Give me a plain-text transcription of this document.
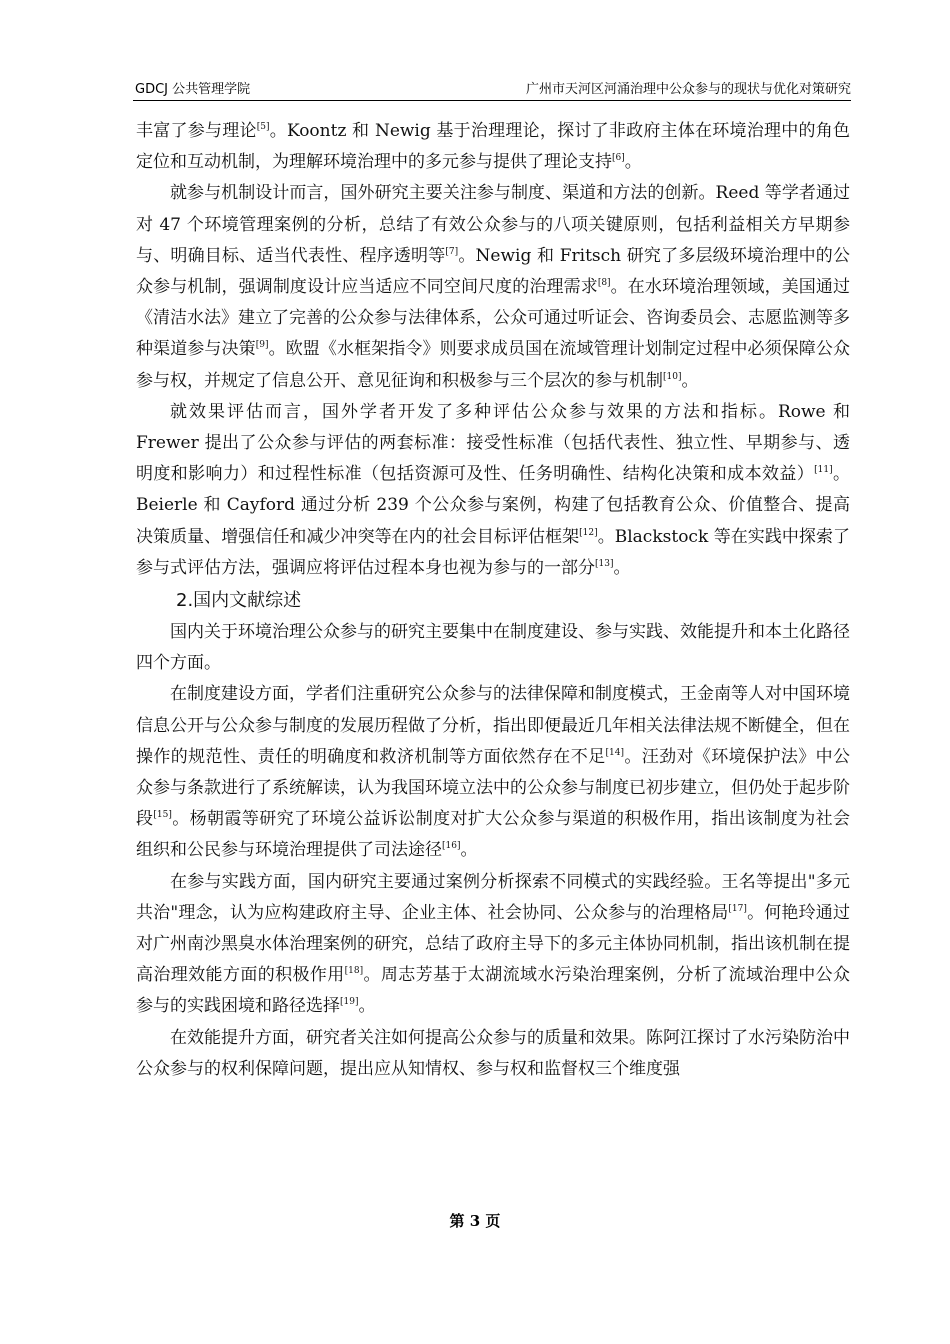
GDCJ 公共管理学院	广州市天河区河涌治理中公众参与的现状与优化对策研究

丰富了参与理论[5]。Koontz 和 Newig 基于治理理论，探讨了非政府主体在环境治理中的角色定位和互动机制，为理解环境治理中的多元参与提供了理论支持[6]。

就参与机制设计而言，国外研究主要关注参与制度、渠道和方法的创新。Reed 等学者通过对 47 个环境管理案例的分析，总结了有效公众参与的八项关键原则，包括利益相关方早期参与、明确目标、适当代表性、程序透明等[7]。Newig 和 Fritsch 研究了多层级环境治理中的公众参与机制，强调制度设计应当适应不同空间尺度的治理需求[8]。在水环境治理领域，美国通过《清洁水法》建立了完善的公众参与法律体系，公众可通过听证会、咨询委员会、志愿监测等多种渠道参与决策[9]。欧盟《水框架指令》则要求成员国在流域管理计划制定过程中必须保障公众参与权，并规定了信息公开、意见征询和积极参与三个层次的参与机制[10]。

就效果评估而言，国外学者开发了多种评估公众参与效果的方法和指标。Rowe 和 Frewer 提出了公众参与评估的两套标准：接受性标准（包括代表性、独立性、早期参与、透明度和影响力）和过程性标准（包括资源可及性、任务明确性、结构化决策和成本效益）[11]。Beierle 和 Cayford 通过分析 239 个公众参与案例，构建了包括教育公众、价值整合、提高决策质量、增强信任和减少冲突等在内的社会目标评估框架[12]。Blackstock 等在实践中探索了参与式评估方法，强调应将评估过程本身也视为参与的一部分[13]。

2.国内文献综述

国内关于环境治理公众参与的研究主要集中在制度建设、参与实践、效能提升和本土化路径四个方面。

在制度建设方面，学者们注重研究公众参与的法律保障和制度模式，王金南等人对中国环境信息公开与公众参与制度的发展历程做了分析，指出即便最近几年相关法律法规不断健全，但在操作的规范性、责任的明确度和救济机制等方面依然存在不足[14]。汪劲对《环境保护法》中公众参与条款进行了系统解读，认为我国环境立法中的公众参与制度已初步建立，但仍处于起步阶段[15]。杨朝霞等研究了环境公益诉讼制度对扩大公众参与渠道的积极作用，指出该制度为社会组织和公民参与环境治理提供了司法途径[16]。

在参与实践方面，国内研究主要通过案例分析探索不同模式的实践经验。王名等提出"多元共治"理念，认为应构建政府主导、企业主体、社会协同、公众参与的治理格局[17]。何艳玲通过对广州南沙黑臭水体治理案例的研究，总结了政府主导下的多元主体协同机制，指出该机制在提高治理效能方面的积极作用[18]。周志芳基于太湖流域水污染治理案例，分析了流域治理中公众参与的实践困境和路径选择[19]。

在效能提升方面，研究者关注如何提高公众参与的质量和效果。陈阿江探讨了水污染防治中公众参与的权利保障问题，提出应从知情权、参与权和监督权三个维度强

第 3 页
